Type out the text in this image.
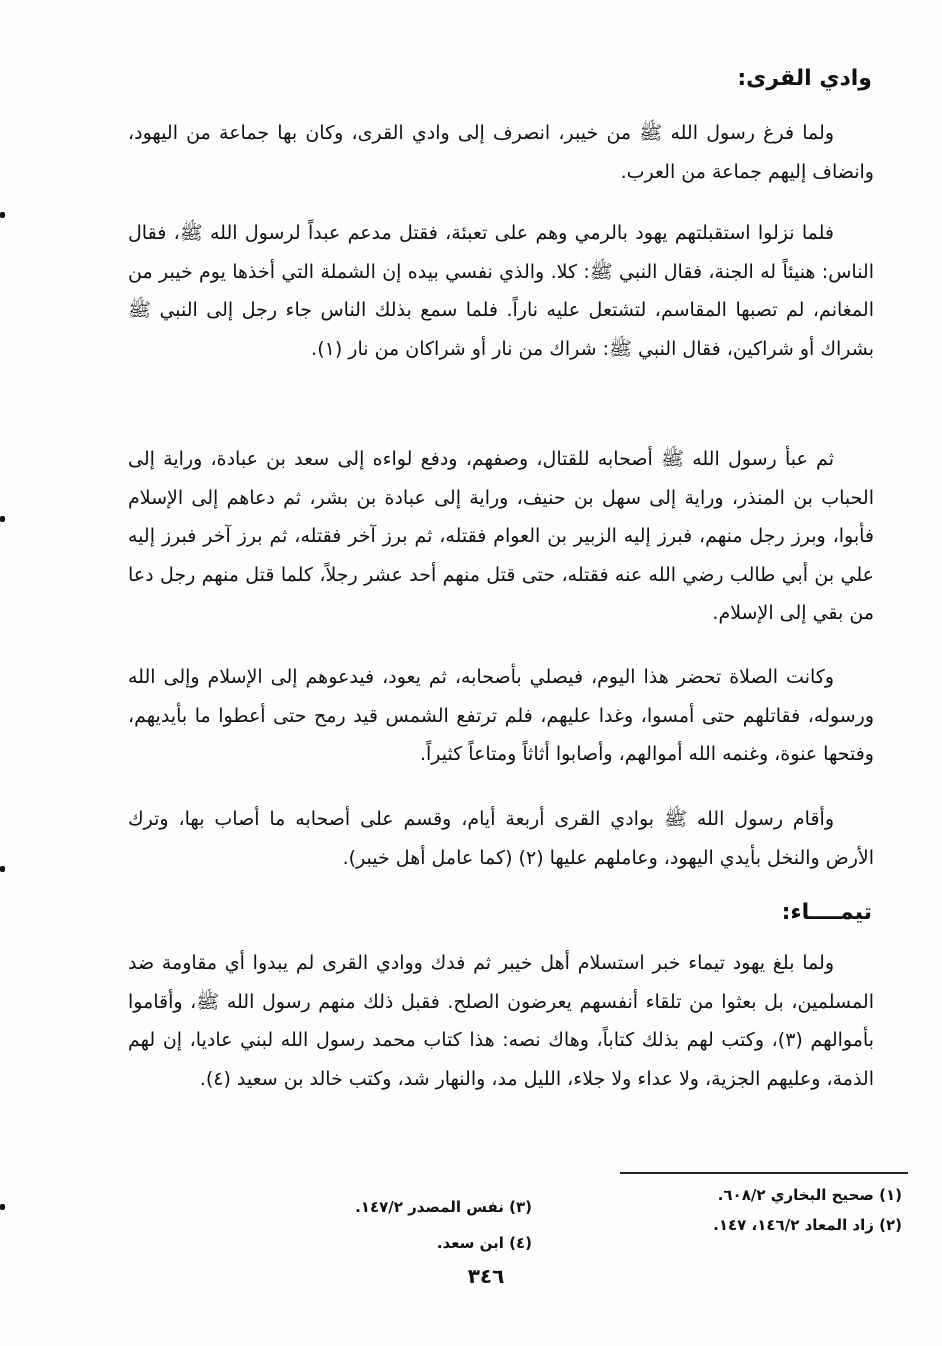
وادي القرى:
ولما فرغ رسول الله ﷺ من خيبر، انصرف إلى وادي القرى، وكان بها جماعة من اليهود، وانضاف إليهم جماعة من العرب.
فلما نزلوا استقبلتهم يهود بالرمي وهم على تعبئة، فقتل مدعم عبداً لرسول الله ﷺ، فقال الناس: هنيئاً له الجنة، فقال النبي ﷺ: كلا. والذي نفسي بيده إن الشملة التي أخذها يوم خيبر من المغانم، لم تصبها المقاسم، لتشتعل عليه ناراً. فلما سمع بذلك الناس جاء رجل إلى النبي ﷺ بشراك أو شراكين، فقال النبي ﷺ: شراك من نار أو شراكان من نار (١).
ثم عبأ رسول الله ﷺ أصحابه للقتال، وصفهم، ودفع لواءه إلى سعد بن عبادة، وراية إلى الحباب بن المنذر، وراية إلى سهل بن حنيف، وراية إلى عبادة بن بشر، ثم دعاهم إلى الإسلام فأبوا، وبرز رجل منهم، فبرز إليه الزبير بن العوام فقتله، ثم برز آخر فقتله، ثم برز آخر فبرز إليه علي بن أبي طالب رضي الله عنه فقتله، حتى قتل منهم أحد عشر رجلاً، كلما قتل منهم رجل دعا من بقي إلى الإسلام.
وكانت الصلاة تحضر هذا اليوم، فيصلي بأصحابه، ثم يعود، فيدعوهم إلى الإسلام وإلى الله ورسوله، فقاتلهم حتى أمسوا، وغدا عليهم، فلم ترتفع الشمس قيد رمح حتى أعطوا ما بأيديهم، وفتحها عنوة، وغنمه الله أموالهم، وأصابوا أثاثاً ومتاعاً كثيراً.
وأقام رسول الله ﷺ بوادي القرى أربعة أيام، وقسم على أصحابه ما أصاب بها، وترك الأرض والنخل بأيدي اليهود، وعاملهم عليها (٢) (كما عامل أهل خيبر).
تيمــــاء:
ولما بلغ يهود تيماء خبر استسلام أهل خيبر ثم فدك ووادي القرى لم يبدوا أي مقاومة ضد المسلمين، بل بعثوا من تلقاء أنفسهم يعرضون الصلح. فقبل ذلك منهم رسول الله ﷺ، وأقاموا بأموالهم (٣)، وكتب لهم بذلك كتاباً، وهاك نصه: هذا كتاب محمد رسول الله لبني عاديا، إن لهم الذمة، وعليهم الجزية، ولا عداء ولا جلاء، الليل مد، والنهار شد، وكتب خالد بن سعيد (٤).
(١) صحيح البخاري ٦٠٨/٢.
(٢) زاد المعاد ١٤٦/٢، ١٤٧.
(٣) نفس المصدر ١٤٧/٢.
(٤) ابن سعد.
٣٤٦
